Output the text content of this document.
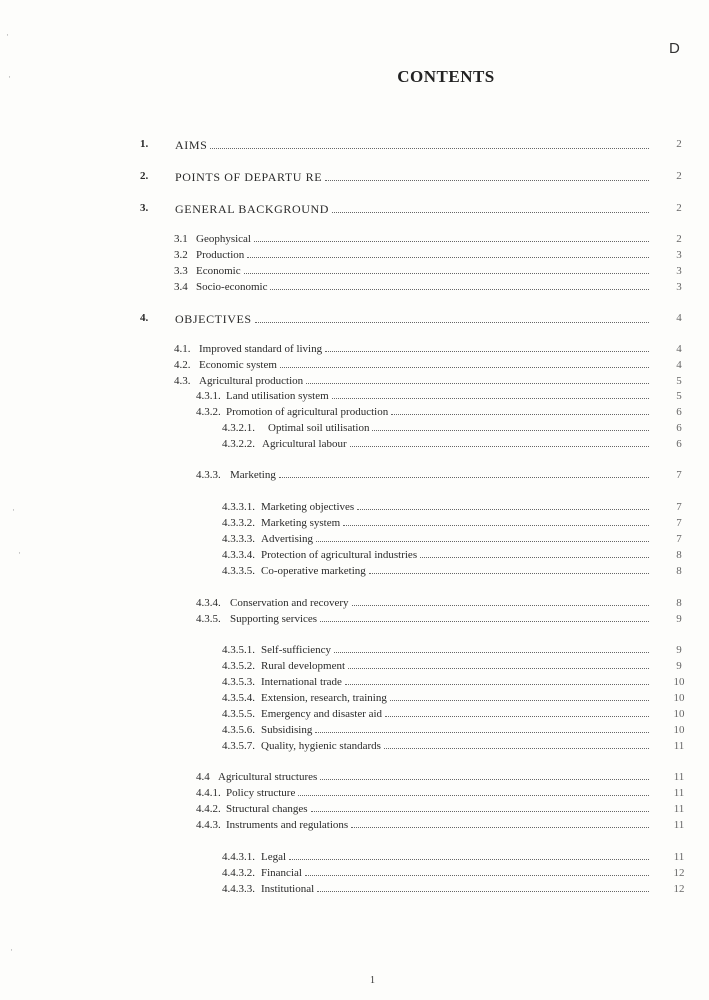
D
CONTENTS
1. AIMS	2
2. POINTS OF DEPARTU RE	2
3. GENERAL BACKGROUND	2
3.1 Geophysical	2
3.2 Production	3
3.3 Economic	3
3.4 Socio-economic	3
4. OBJECTIVES	4
4.1. Improved standard of living	4
4.2. Economic system	4
4.3. Agricultural production	5
4.3.1. Land utilisation system	5
4.3.2. Promotion of agricultural production	6
4.3.2.1. Optimal soil utilisation	6
4.3.2.2. Agricultural labour	6
4.3.3. Marketing	7
4.3.3.1. Marketing objectives	7
4.3.3.2. Marketing system	7
4.3.3.3. Advertising	7
4.3.3.4. Protection of agricultural industries	8
4.3.3.5. Co-operative marketing	8
4.3.4. Conservation and recovery	8
4.3.5. Supporting services	9
4.3.5.1. Self-sufficiency	9
4.3.5.2. Rural development	9
4.3.5.3. International trade	10
4.3.5.4. Extension, research, training	10
4.3.5.5. Emergency and disaster aid	10
4.3.5.6. Subsidising	10
4.3.5.7. Quality, hygienic standards	11
4.4 Agricultural structures	11
4.4.1. Policy structure	11
4.4.2. Structural changes	11
4.4.3. Instruments and regulations	11
4.4.3.1. Legal	11
4.4.3.2. Financial	12
4.4.3.3. Institutional	12
1
·
·
·
·
·
